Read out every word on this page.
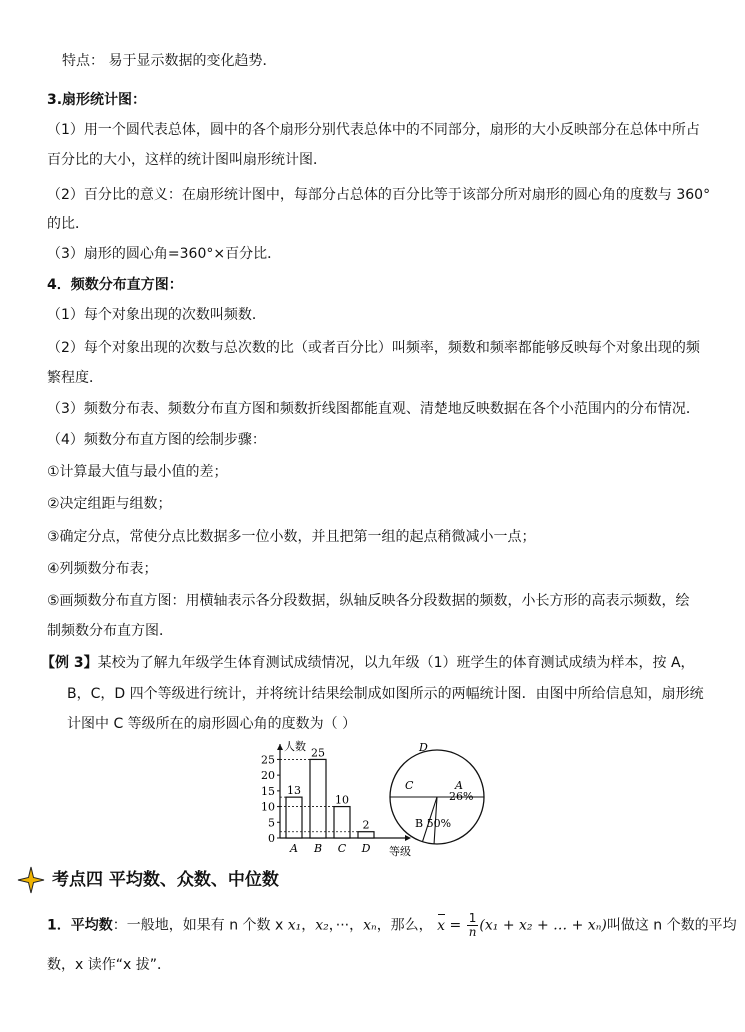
特点： 易于显示数据的变化趋势．
3.扇形统计图：
（1）用一个圆代表总体，圆中的各个扇形分别代表总体中的不同部分，扇形的大小反映部分在总体中所占
百分比的大小，这样的统计图叫扇形统计图．
（2）百分比的意义：在扇形统计图中，每部分占总体的百分比等于该部分所对扇形的圆心角的度数与 360°
的比．
（3）扇形的圆心角=360°×百分比．
4．频数分布直方图：
（1）每个对象出现的次数叫频数．
（2）每个对象出现的次数与总次数的比（或者百分比）叫频率，频数和频率都能够反映每个对象出现的频
繁程度．
（3）频数分布表、频数分布直方图和频数折线图都能直观、清楚地反映数据在各个小范围内的分布情况．
（4）频数分布直方图的绘制步骤：
①计算最大值与最小值的差；
②决定组距与组数；
③确定分点，常使分点比数据多一位小数，并且把第一组的起点稍微减小一点；
④列频数分布表；
⑤画频数分布直方图：用横轴表示各分段数据，纵轴反映各分段数据的频数，小长方形的高表示频数，绘
制频数分布直方图．
【例 3】某校为了解九年级学生体育测试成绩情况，以九年级（1）班学生的体育测试成绩为样本，按 A，
B，C，D 四个等级进行统计，并将统计结果绘制成如图所示的两幅统计图．由图中所给信息知，扇形统
计图中 C 等级所在的扇形圆心角的度数为（ ）
人数
等级
0
5
10
15
20
25
13
A
25
B
10
C
2
D
A
26%
B 50%
C
D
考点四 平均数、众数、中位数
1．平均数：一般地，如果有 n 个数 x x₁，x₂，···，xₙ，那么， $x = \frac{1}{n} (x_1 + x_2$ + … + xₙ)叫做这 n 个数的平均
数，x 读作“x 拔”．
